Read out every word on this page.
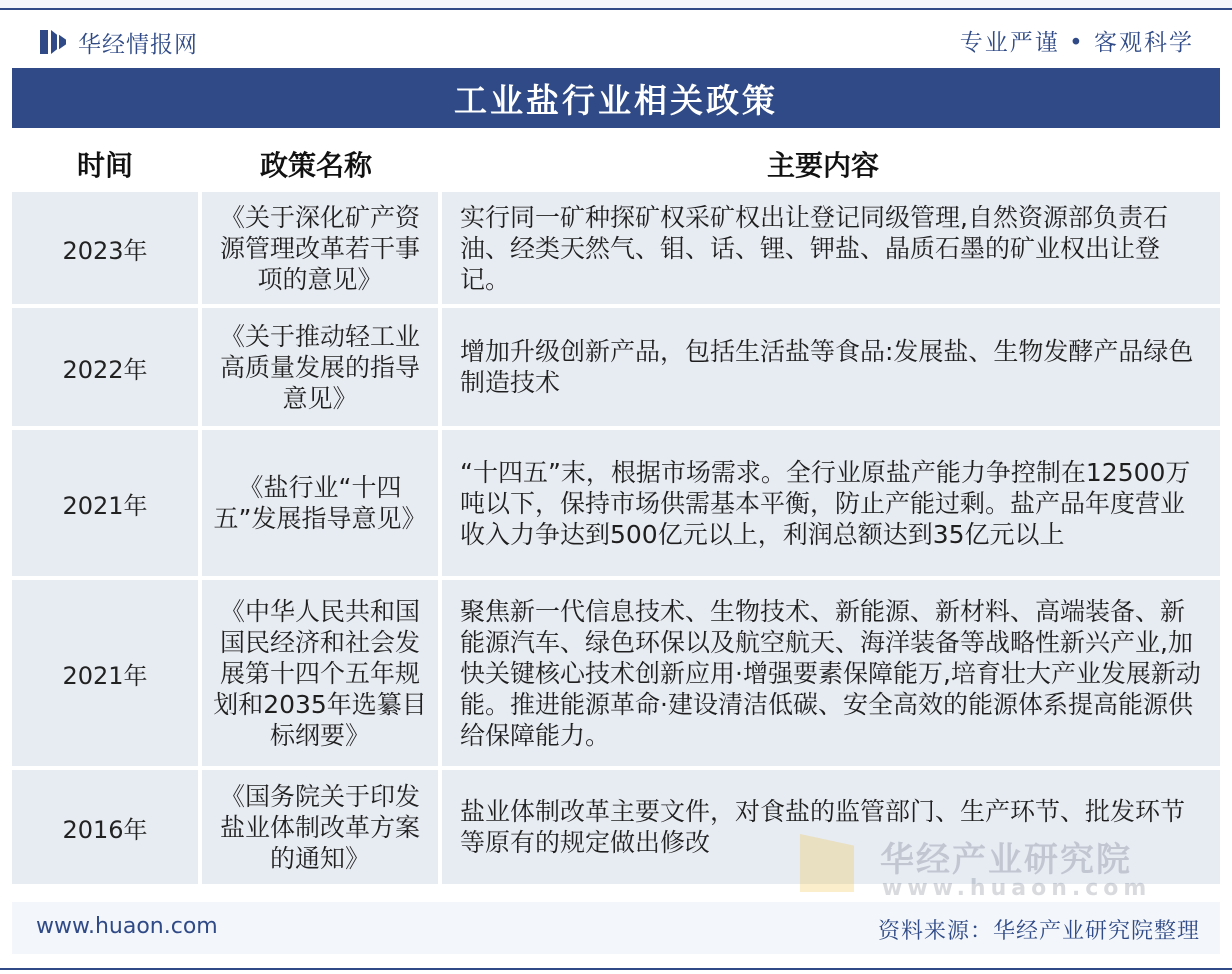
华经情报网	专业严谨 • 客观科学
工业盐行业相关政策
时间	政策名称	主要内容
2023年
《关于深化矿产资源管理改革若干事项的意见》
实行同一矿种探矿权采矿权出让登记同级管理,自然资源部负责石油、经类天然气、钼、话、锂、钾盐、晶质石墨的矿业权出让登记。
2022年
《关于推动轻工业高质量发展的指导意见》
增加升级创新产品，包括生活盐等食品:发展盐、生物发酵产品绿色制造技术
2021年
《盐行业“十四五”发展指导意见》
“十四五”末，根据市场需求。全行业原盐产能力争控制在12500万吨以下，保持市场供需基本平衡，防止产能过剩。盐产品年度营业收入力争达到500亿元以上，利润总额达到35亿元以上
2021年
《中华人民共和国国民经济和社会发展第十四个五年规划和2035年选纂目标纲要》
聚焦新一代信息技术、生物技术、新能源、新材料、高端装备、新能源汽车、绿色环保以及航空航天、海洋装备等战略性新兴产业,加快关键核心技术创新应用·增强要素保障能万,培育壮大产业发展新动能。推进能源革命·建设清洁低碳、安全高效的能源体系提高能源供给保障能力。
2016年
《国务院关于印发盐业体制改革方案的通知》
盐业体制改革主要文件，对食盐的监管部门、生产环节、批发环节等原有的规定做出修改	华经产业研究院
www.huaon.com
www.huaon.com	资料来源：华经产业研究院整理
